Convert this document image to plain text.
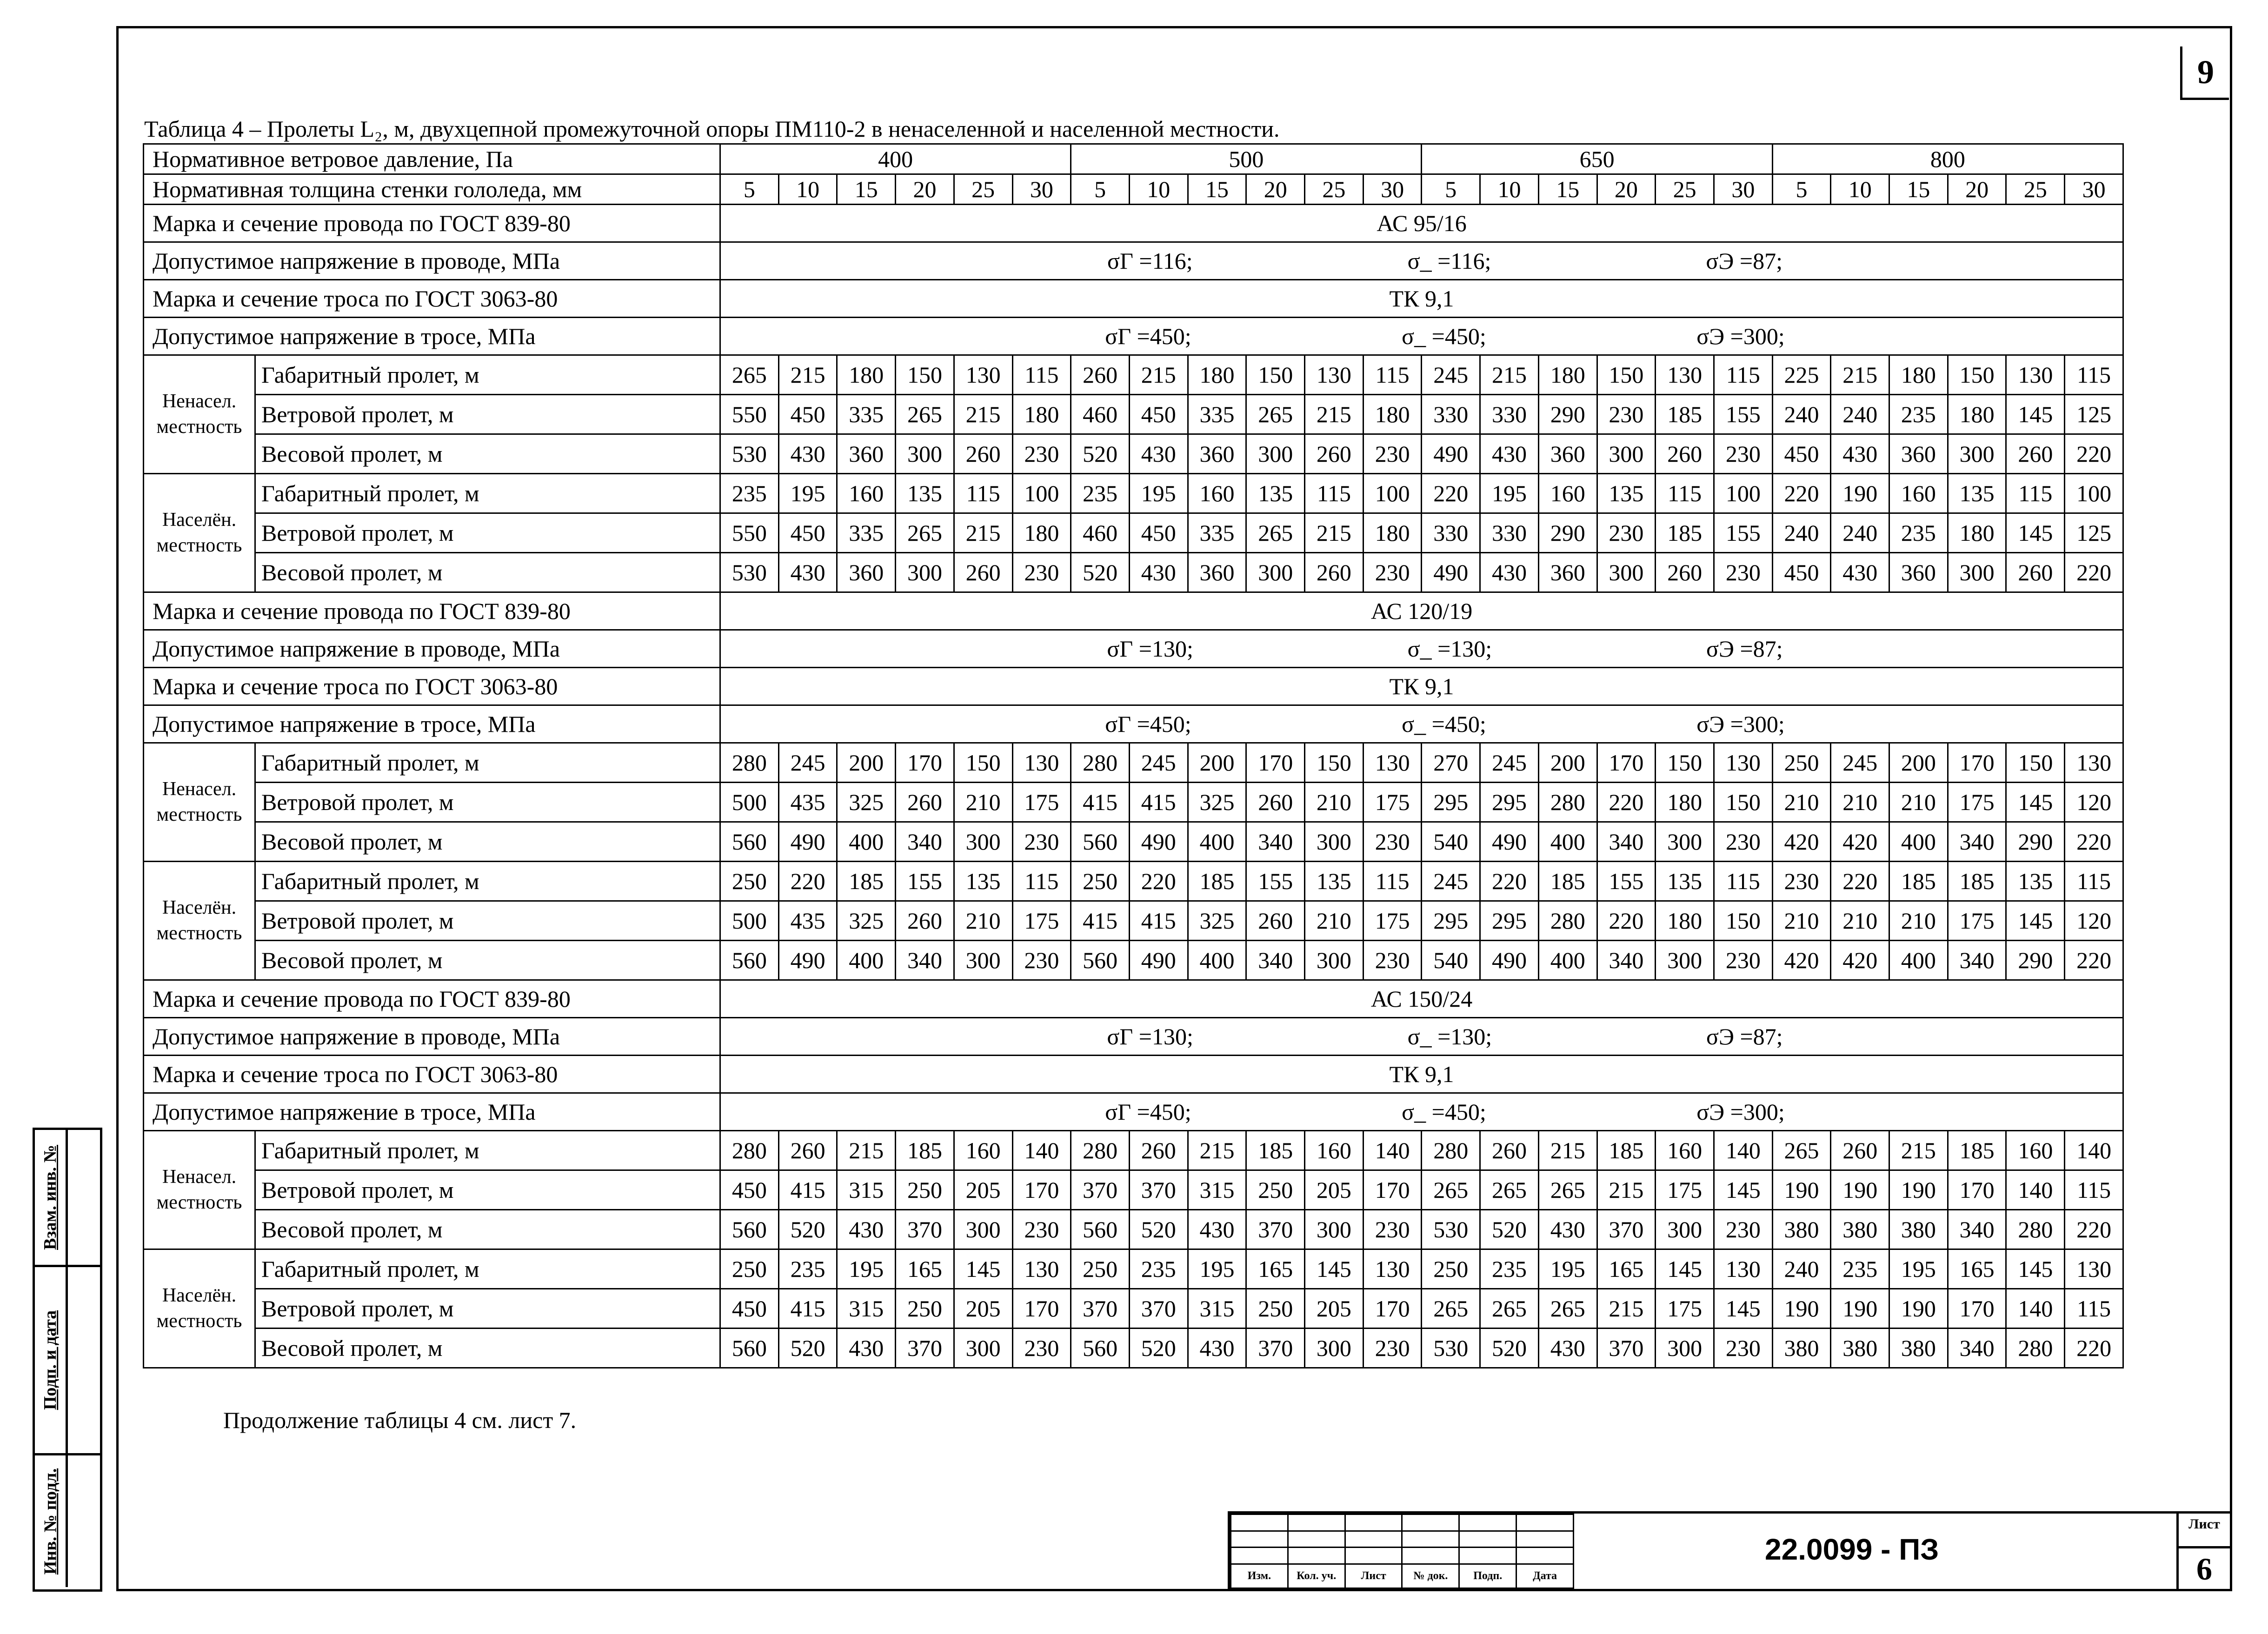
9
Взам. инв. №
Подп. и дата
Инв. № подл.
Таблица 4 – Пролеты L₂, м, двухцепной промежуточной опоры ПМ110-2 в ненаселенной и населенной местности.
Нормативное ветровое давление, Па		400						500						650						800					
Нормативная толщина стенки гололеда, мм		5	10	15	20	25	30	5	10	15	20	25	30	5	10	15	20	25	30	5	10	15	20	25	30
Марка и сечение провода по ГОСТ 839-80		АС 95/16																							
Допустимое напряжение в проводе, МПа		σГ =116; σ_ =116; σЭ =87;																							

Марка и сечение троса по ГОСТ 3063-80		ТК 9,1																							
Допустимое напряжение в тросе, МПа		σГ =450; σ_ =450; σЭ =300;																							

Ненасел. местность	Габаритный пролет, м	265	215	180	150	130	115	260	215	180	150	130	115	245	215	180	150	130	115	225	215	180	150	130	115
	Ветровой пролет, м	550	450	335	265	215	180	460	450	335	265	215	180	330	330	290	230	185	155	240	240	235	180	145	125
	Весовой пролет, м	530	430	360	300	260	230	520	430	360	300	260	230	490	430	360	300	260	230	450	430	360	300	260	220
Населён. местность	Габаритный пролет, м	235	195	160	135	115	100	235	195	160	135	115	100	220	195	160	135	115	100	220	190	160	135	115	100
	Ветровой пролет, м	550	450	335	265	215	180	460	450	335	265	215	180	330	330	290	230	185	155	240	240	235	180	145	125
	Весовой пролет, м	530	430	360	300	260	230	520	430	360	300	260	230	490	430	360	300	260	230	450	430	360	300	260	220
Марка и сечение провода по ГОСТ 839-80		АС 120/19																							
Допустимое напряжение в проводе, МПа		σГ =130; σ_ =130; σЭ =87;																							

Марка и сечение троса по ГОСТ 3063-80		ТК 9,1																							
Допустимое напряжение в тросе, МПа		σГ =450; σ_ =450; σЭ =300;																							

Ненасел. местность	Габаритный пролет, м	280	245	200	170	150	130	280	245	200	170	150	130	270	245	200	170	150	130	250	245	200	170	150	130
	Ветровой пролет, м	500	435	325	260	210	175	415	415	325	260	210	175	295	295	280	220	180	150	210	210	210	175	145	120
	Весовой пролет, м	560	490	400	340	300	230	560	490	400	340	300	230	540	490	400	340	300	230	420	420	400	340	290	220
Населён. местность	Габаритный пролет, м	250	220	185	155	135	115	250	220	185	155	135	115	245	220	185	155	135	115	230	220	185	185	135	115
	Ветровой пролет, м	500	435	325	260	210	175	415	415	325	260	210	175	295	295	280	220	180	150	210	210	210	175	145	120
	Весовой пролет, м	560	490	400	340	300	230	560	490	400	340	300	230	540	490	400	340	300	230	420	420	400	340	290	220
Марка и сечение провода по ГОСТ 839-80		АС 150/24																							
Допустимое напряжение в проводе, МПа		σГ =130; σ_ =130; σЭ =87;																							

Марка и сечение троса по ГОСТ 3063-80		ТК 9,1																							
Допустимое напряжение в тросе, МПа		σГ =450; σ_ =450; σЭ =300;																							

Ненасел. местность	Габаритный пролет, м	280	260	215	185	160	140	280	260	215	185	160	140	280	260	215	185	160	140	265	260	215	185	160	140
	Ветровой пролет, м	450	415	315	250	205	170	370	370	315	250	205	170	265	265	265	215	175	145	190	190	190	170	140	115
	Весовой пролет, м	560	520	430	370	300	230	560	520	430	370	300	230	530	520	430	370	300	230	380	380	380	340	280	220
Населён. местность	Габаритный пролет, м	250	235	195	165	145	130	250	235	195	165	145	130	250	235	195	165	145	130	240	235	195	165	145	130
	Ветровой пролет, м	450	415	315	250	205	170	370	370	315	250	205	170	265	265	265	215	175	145	190	190	190	170	140	115
	Весовой пролет, м	560	520	430	370	300	230	560	520	430	370	300	230	530	520	430	370	300	230	380	380	380	340	280	220
Продолжение таблицы 4 см. лист 7.

Изм.	Кол. уч.	Лист	№ док.	Подп.	Дата
22.0099 - ПЗ
Лист
6
